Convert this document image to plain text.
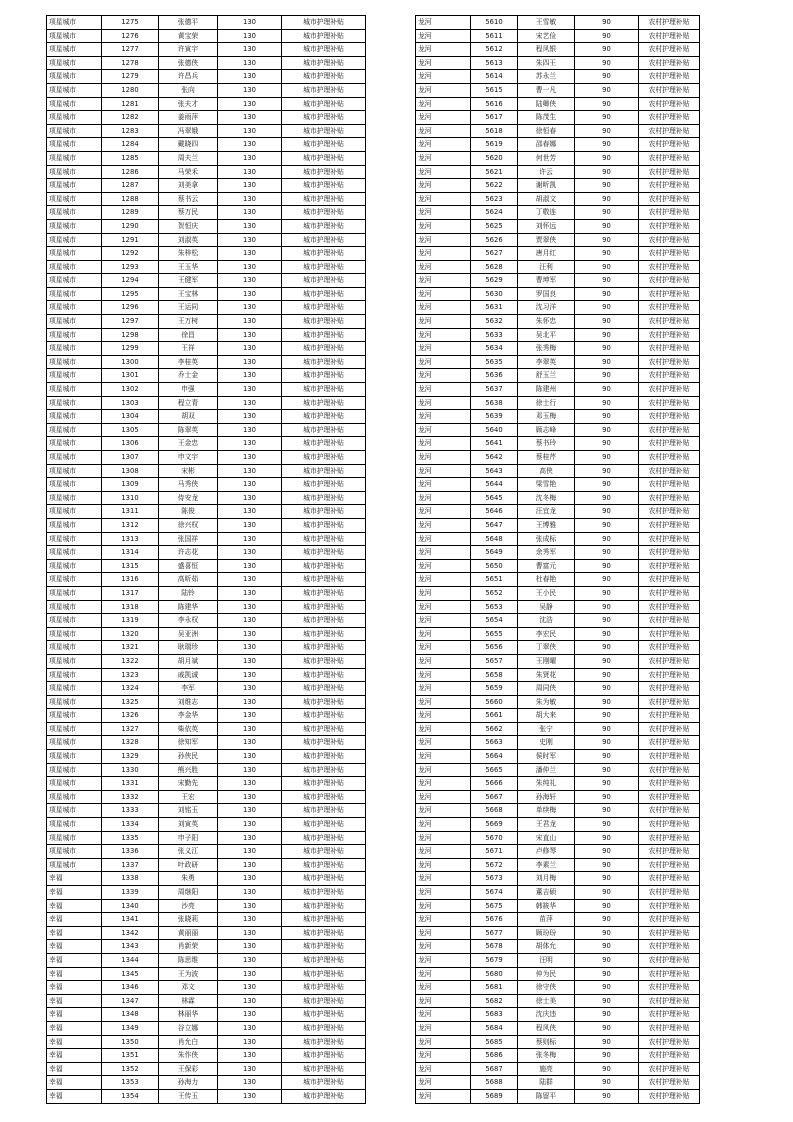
项星城市	1275	张德平	130	城市护理补贴
项星城市	1276	黄宝荣	130	城市护理补贴
项星城市	1277	许寅宇	130	城市护理补贴
项星城市	1278	张德侠	130	城市护理补贴
项星城市	1279	许昌兵	130	城市护理补贴
项星城市	1280	张向	130	城市护理补贴
项星城市	1281	张夫才	130	城市护理补贴
项星城市	1282	姜雨萍	130	城市护理补贴
项星城市	1283	冯翠娥	130	城市护理补贴
项星城市	1284	戴晓四	130	城市护理补贴
项星城市	1285	周夫兰	130	城市护理补贴
项星城市	1286	马荣禾	130	城市护理补贴
项星城市	1287	刘美拿	130	城市护理补贴
项星城市	1288	蔡书云	130	城市护理补贴
项星城市	1289	蔡万民	130	城市护理补贴
项星城市	1290	贺恒庆	130	城市护理补贴
项星城市	1291	刘淑英	130	城市护理补贴
项星城市	1292	朱梓松	130	城市护理补贴
项星城市	1293	王玉华	130	城市护理补贴
项星城市	1294	王健军	130	城市护理补贴
项星城市	1295	王宝林	130	城市护理补贴
项星城市	1296	王运同	130	城市护理补贴
项星城市	1297	王万树	130	城市护理补贴
项星城市	1298	徐昌	130	城市护理补贴
项星城市	1299	王祥	130	城市护理补贴
项星城市	1300	李桂英	130	城市护理补贴
项星城市	1301	乔士金	130	城市护理补贴
项星城市	1302	申强	130	城市护理补贴
项星城市	1303	程立青	130	城市护理补贴
项星城市	1304	胡双	130	城市护理补贴
项星城市	1305	陈翠英	130	城市护理补贴
项星城市	1306	王金忠	130	城市护理补贴
项星城市	1307	申文宇	130	城市护理补贴
项星城市	1308	宋彬	130	城市护理补贴
项星城市	1309	马秀侠	130	城市护理补贴
项星城市	1310	侍安龙	130	城市护理补贴
项星城市	1311	陈俊	130	城市护理补贴
项星城市	1312	徐兴权	130	城市护理补贴
项星城市	1313	张国祥	130	城市护理补贴
项星城市	1314	许志花	130	城市护理补贴
项星城市	1315	盛喜恒	130	城市护理补贴
项星城市	1316	高昕茹	130	城市护理补贴
项星城市	1317	陆铃	130	城市护理补贴
项星城市	1318	陈建华	130	城市护理补贴
项星城市	1319	李永权	130	城市护理补贴
项星城市	1320	吴亚洲	130	城市护理补贴
项星城市	1321	耿瑞珍	130	城市护理补贴
项星城市	1322	胡月斌	130	城市护理补贴
项星城市	1323	戚凯诚	130	城市护理补贴
项星城市	1324	李军	130	城市护理补贴
项星城市	1325	刘维志	130	城市护理补贴
项星城市	1326	李金华	130	城市护理补贴
项星城市	1327	柴依英	130	城市护理补贴
项星城市	1328	徐知军	130	城市护理补贴
项星城市	1329	孙侠民	130	城市护理补贴
项星城市	1330	熊兴胜	130	城市护理补贴
项星城市	1331	宋勤先	130	城市护理补贴
项星城市	1332	王宏	130	城市护理补贴
项星城市	1333	刘铭玉	130	城市护理补贴
项星城市	1334	刘寅英	130	城市护理补贴
项星城市	1335	申子阳	130	城市护理补贴
项星城市	1336	张义江	130	城市护理补贴
项星城市	1337	叶政研	130	城市护理补贴
幸福	1338	朱勇	130	城市护理补贴
幸福	1339	周继阳	130	城市护理补贴
幸福	1340	沙亮	130	城市护理补贴
幸福	1341	张晓莉	130	城市护理补贴
幸福	1342	黄丽丽	130	城市护理补贴
幸福	1343	肖新荣	130	城市护理补贴
幸福	1344	陈思维	130	城市护理补贴
幸福	1345	王为波	130	城市护理补贴
幸福	1346	邓文	130	城市护理补贴
幸福	1347	林霖	130	城市护理补贴
幸福	1348	林丽华	130	城市护理补贴
幸福	1349	谷立娜	130	城市护理补贴
幸福	1350	肖允白	130	城市护理补贴
幸福	1351	朱作侠	130	城市护理补贴
幸福	1352	王保彩	130	城市护理补贴
幸福	1353	孙海力	130	城市护理补贴
幸福	1354	王传玉	130	城市护理补贴
龙河	5610	王雪敏	90	农村护理补贴
龙河	5611	宋艺俭	90	农村护理补贴
龙河	5612	程风银	90	农村护理补贴
龙河	5613	朱四王	90	农村护理补贴
龙河	5614	苏永兰	90	农村护理补贴
龙河	5615	曹一凡	90	农村护理补贴
龙河	5616	陆卿侠	90	农村护理补贴
龙河	5617	陈茂生	90	农村护理补贴
龙河	5618	徐恒春	90	农村护理补贴
龙河	5619	邵春娜	90	农村护理补贴
龙河	5620	何世芳	90	农村护理补贴
龙河	5621	许云	90	农村护理补贴
龙河	5622	谢昕凯	90	农村护理补贴
龙河	5623	胡淑文	90	农村护理补贴
龙河	5624	丁敬连	90	农村护理补贴
龙河	5625	刘怀远	90	农村护理补贴
龙河	5626	贾翠侠	90	农村护理补贴
龙河	5627	唐月红	90	农村护理补贴
龙河	5628	汪利	90	农村护理补贴
龙河	5629	曹坤军	90	农村护理补贴
龙河	5630	罗国良	90	农村护理补贴
龙河	5631	沈习洋	90	农村护理补贴
龙河	5632	朱怀忠	90	农村护理补贴
龙河	5633	吴北平	90	农村护理补贴
龙河	5634	张秀梅	90	农村护理补贴
龙河	5635	李翠英	90	农村护理补贴
龙河	5636	舒玉兰	90	农村护理补贴
龙河	5637	陈建州	90	农村护理补贴
龙河	5638	徐士行	90	农村护理补贴
龙河	5639	邓玉梅	90	农村护理补贴
龙河	5640	顾志峰	90	农村护理补贴
龙河	5641	蔡书玲	90	农村护理补贴
龙河	5642	蔡桂芹	90	农村护理补贴
龙河	5643	高侠	90	农村护理补贴
龙河	5644	梁雪艳	90	农村护理补贴
龙河	5645	沈冬梅	90	农村护理补贴
龙河	5646	汪宜龙	90	农村护理补贴
龙河	5647	王博雅	90	农村护理补贴
龙河	5648	张成标	90	农村护理补贴
龙河	5649	余秀军	90	农村护理补贴
龙河	5650	曹富元	90	农村护理补贴
龙河	5651	杜春艳	90	农村护理补贴
龙河	5652	王小民	90	农村护理补贴
龙河	5653	吴静	90	农村护理补贴
龙河	5654	沈浩	90	农村护理补贴
龙河	5655	李宏民	90	农村护理补贴
龙河	5656	丁翠侠	90	农村护理补贴
龙河	5657	王刚曜	90	农村护理补贴
龙河	5658	朱贤花	90	农村护理补贴
龙河	5659	周同侠	90	农村护理补贴
龙河	5660	朱为敏	90	农村护理补贴
龙河	5661	胡大来	90	农村护理补贴
龙河	5662	张宁	90	农村护理补贴
龙河	5663	史刚	90	农村护理补贴
龙河	5664	侯时军	90	农村护理补贴
龙河	5665	潘仲兰	90	农村护理补贴
龙河	5666	朱纯礼	90	农村护理补贴
龙河	5667	孙海轩	90	农村护理补贴
龙河	5668	单续梅	90	农村护理补贴
龙河	5669	王君龙	90	农村护理补贴
龙河	5670	宋直山	90	农村护理补贴
龙河	5671	卢修琴	90	农村护理补贴
龙河	5672	李素兰	90	农村护理补贴
龙河	5673	刘月梅	90	农村护理补贴
龙河	5674	董吉硕	90	农村护理补贴
龙河	5675	韩筱华	90	农村护理补贴
龙河	5676	苗萍	90	农村护理补贴
龙河	5677	顾玢玢	90	农村护理补贴
龙河	5678	胡体允	90	农村护理补贴
龙河	5679	汪明	90	农村护理补贴
龙河	5680	仲为民	90	农村护理补贴
龙河	5681	徐守侠	90	农村护理补贴
龙河	5682	徐士美	90	农村护理补贴
龙河	5683	沈庆违	90	农村护理补贴
龙河	5684	程风侠	90	农村护理补贴
龙河	5685	蔡则标	90	农村护理补贴
龙河	5686	张冬梅	90	农村护理补贴
龙河	5687	施亮	90	农村护理补贴
龙河	5688	陆群	90	农村护理补贴
龙河	5689	陈留平	90	农村护理补贴
